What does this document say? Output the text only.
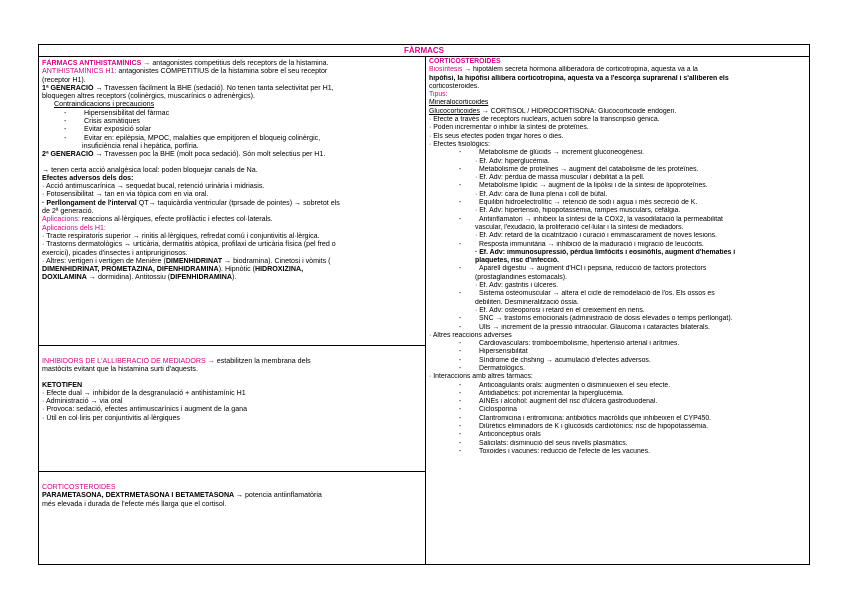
FÀRMACS
FÀRMACS ANTIHISTAMÍNICS → antagonistes competitius dels receptors de la histamina.
ANTIHISTAMÍNICS H1: antagonistes COMPETITIUS de la histamina sobre el seu receptor
(receptor H1).
1ª GENERACIÓ → Travessen fàcilment la BHE (sedació). No tenen tanta selectivitat per H1,
bloquegen altres receptors (colinèrgics, muscarínics o adrenèrgics).
Contraindicacions i precaucions
- Hipersensibilitat del fàrmac
- Crisis asmàtiques
- Evitar exposició solar
- Evitar en: epilèpsia, MPOC, malalties que empitjoren el bloqueig colinèrgic,
insuficiència renal i hepàtica, porfíria.
2ª GENERACIÓ → Travessen poc la BHE (molt poca sedació). Són molt selectius per H1.
→ tenen certa acció analgèsica local: poden bloquejar canals de Na.
Efectes adversos dels dos:
· Acció antimuscarínica → sequedat bucal, retenció urinària i midriasis.
· Fotosensibilitat → tan en via tòpica com en via oral.
· Perllongament de l'interval QT→ taquicàrdia ventricular (tprsade de pointes) → sobretot els
de 2ª generació.
Aplicacions: reaccions al·lèrgiques, efecte profilàctic i efectes col·laterals.
Aplicacions dels H1:
· Tracte respiratoris superior → rinitis al·lèrgiques, refredat comú i conjuntivitis al·lèrgica.
· Trastorns dermatològics → urticària, dermatitis atòpica, profilaxi de urticària física (pel fred o
exercici), picades d'insectes i antipruriginosos.
· Altres: vertigen i vertigen de Menière (DIMENHIDRINAT → biodramina). Cinetosi i vòmits (
DIMENHIDRINAT, PROMETAZINA, DIFENHIDRAMINA). Hipnòtic (HIDROXIZINA,
DOXILAMINA → dormidina). Antitossiu (DIFENHIDRAMINA).
INHIBIDORS DE L'ALLIBERACIÓ DE MEDIADORS → estabilitzen la membrana dels
mastòcits evitant que la histamina surti d'aquests.
KETOTIFEN
· Efecte dual → inhibidor de la desgranulació + antihistamínic H1
· Administració → via oral
· Provoca: sedació, efectes antimuscarínics i augment de la gana
· Útil en col·liris per conjuntivitis al·lèrgiques
CORTICOSTEROIDES
PARAMETASONA, DEXTRMETASONA I BETAMETASONA → potencia antiinflamatòria
més elevada i durada de l'efecte més llarga que el cortisol.
CORTICOSTEROIDES
Biosíntesis → hipotàlem secreta hormona alliberadora de corticotropina, aquesta va a la
hipòfisi, la hipòfisi allibera corticotropina, aquesta va a l'escorça suprarenal i s'alliberen els
corticosteroides.
Tipus:
Mineralocorticoides
Glucocorticoides → CORTISOL / HIDROCORTISONA: Glucocorticoide endogen.
· Efecte a través de receptors nuclears, actuen sobre la transcripsió gènica.
· Poden incrementar o inhibir la síntesi de proteïnes.
· Els seus efectes poden trigar hores o dies.
· Efectes fisiològics:
-	Metabolisme de glúcids → increment gluconeogènesi.
· Ef. Adv: hiperglucèmia.
-	Metabolisme de proteïnes → augment del catabolisme de les proteïnes.
· Ef. Adv: pèrdua de massa muscular i debilitat a la pell.
-	Metabolisme lipídic → augment de la lipòlisi i de la síntesi de lipoproteïnes.
· Ef. Adv: cara de lluna plena i coll de búfal.
-	Equilibri hidroelectrolític → retenció de sodi i aigua i més secreció de K.
· Ef. Adv: hipertensió, hipopotassèmia, rampes musculars, cefàlgia.
-	Antiinflamatori → inhibeix la síntesi de la COX2, la vasodilatació la permeabilitat
vascular, l'exudació, la proliferació cel·lular i la síntesi de mediadors.
· Ef. Adv: retard de la cicatrització i curació i emmascarament de noves lesions.
-	Resposta immunitària → inhibició de la maduració i migració de leucòcits.
· Ef. Adv: immunosupressió, pèrdua limfòcits i eosinòfils, augment d'hematies i
plaquetes, risc d'infecció.
-	Aparell digestiu → augment d'HCl i pepsina, reducció de factors protectors
(prostaglandines estomacals).
· Ef. Adv: gastritis i úlceres.
-	Sistema osteomuscular → altera el cicle de remodelació de l'os. Els ossos es
debiliten. Desmineralització òssia.
· Ef. Adv: osteoporosi i retard en el creixement en nens.
-	SNC → trastorns emocionals (administració de dosis elevades o temps perllongat).
-	Ulls → increment de la pressió intraocular. Glaucoma i cataractes bilaterals.
· Altres reaccions adverses
-	Cardiovasculars: tromboembolisme, hipertensió arterial i arítmies.
-	Hipersensibilitat
-	Síndrome de chshing → acumulació d'efectes adversos.
-	Dermatològics.
· Interaccions amb altres fàrmacs:
-	Anticoagulants orals: augmenten o disminueixen el seu efecte.
-	Antidiabètics: pot incrementar la hiperglucèmia.
-	AINEs i alcohol: augment del risc d'úlcera gastroduodenal.
-	Ciclosporina
-	Claritromicina i eritromicina: antibiòtics macròlids que inhibeixen el CYP450.
-	Diürètics eliminadors de K i glucòsids cardiotònics: risc de hipopotassèmia.
-	Anticonceptius orals
-	Salicilats: disminució del seus nivells plasmàtics.
-	Toxoides i vacunes: reducció de l'efecte de les vacunes.
